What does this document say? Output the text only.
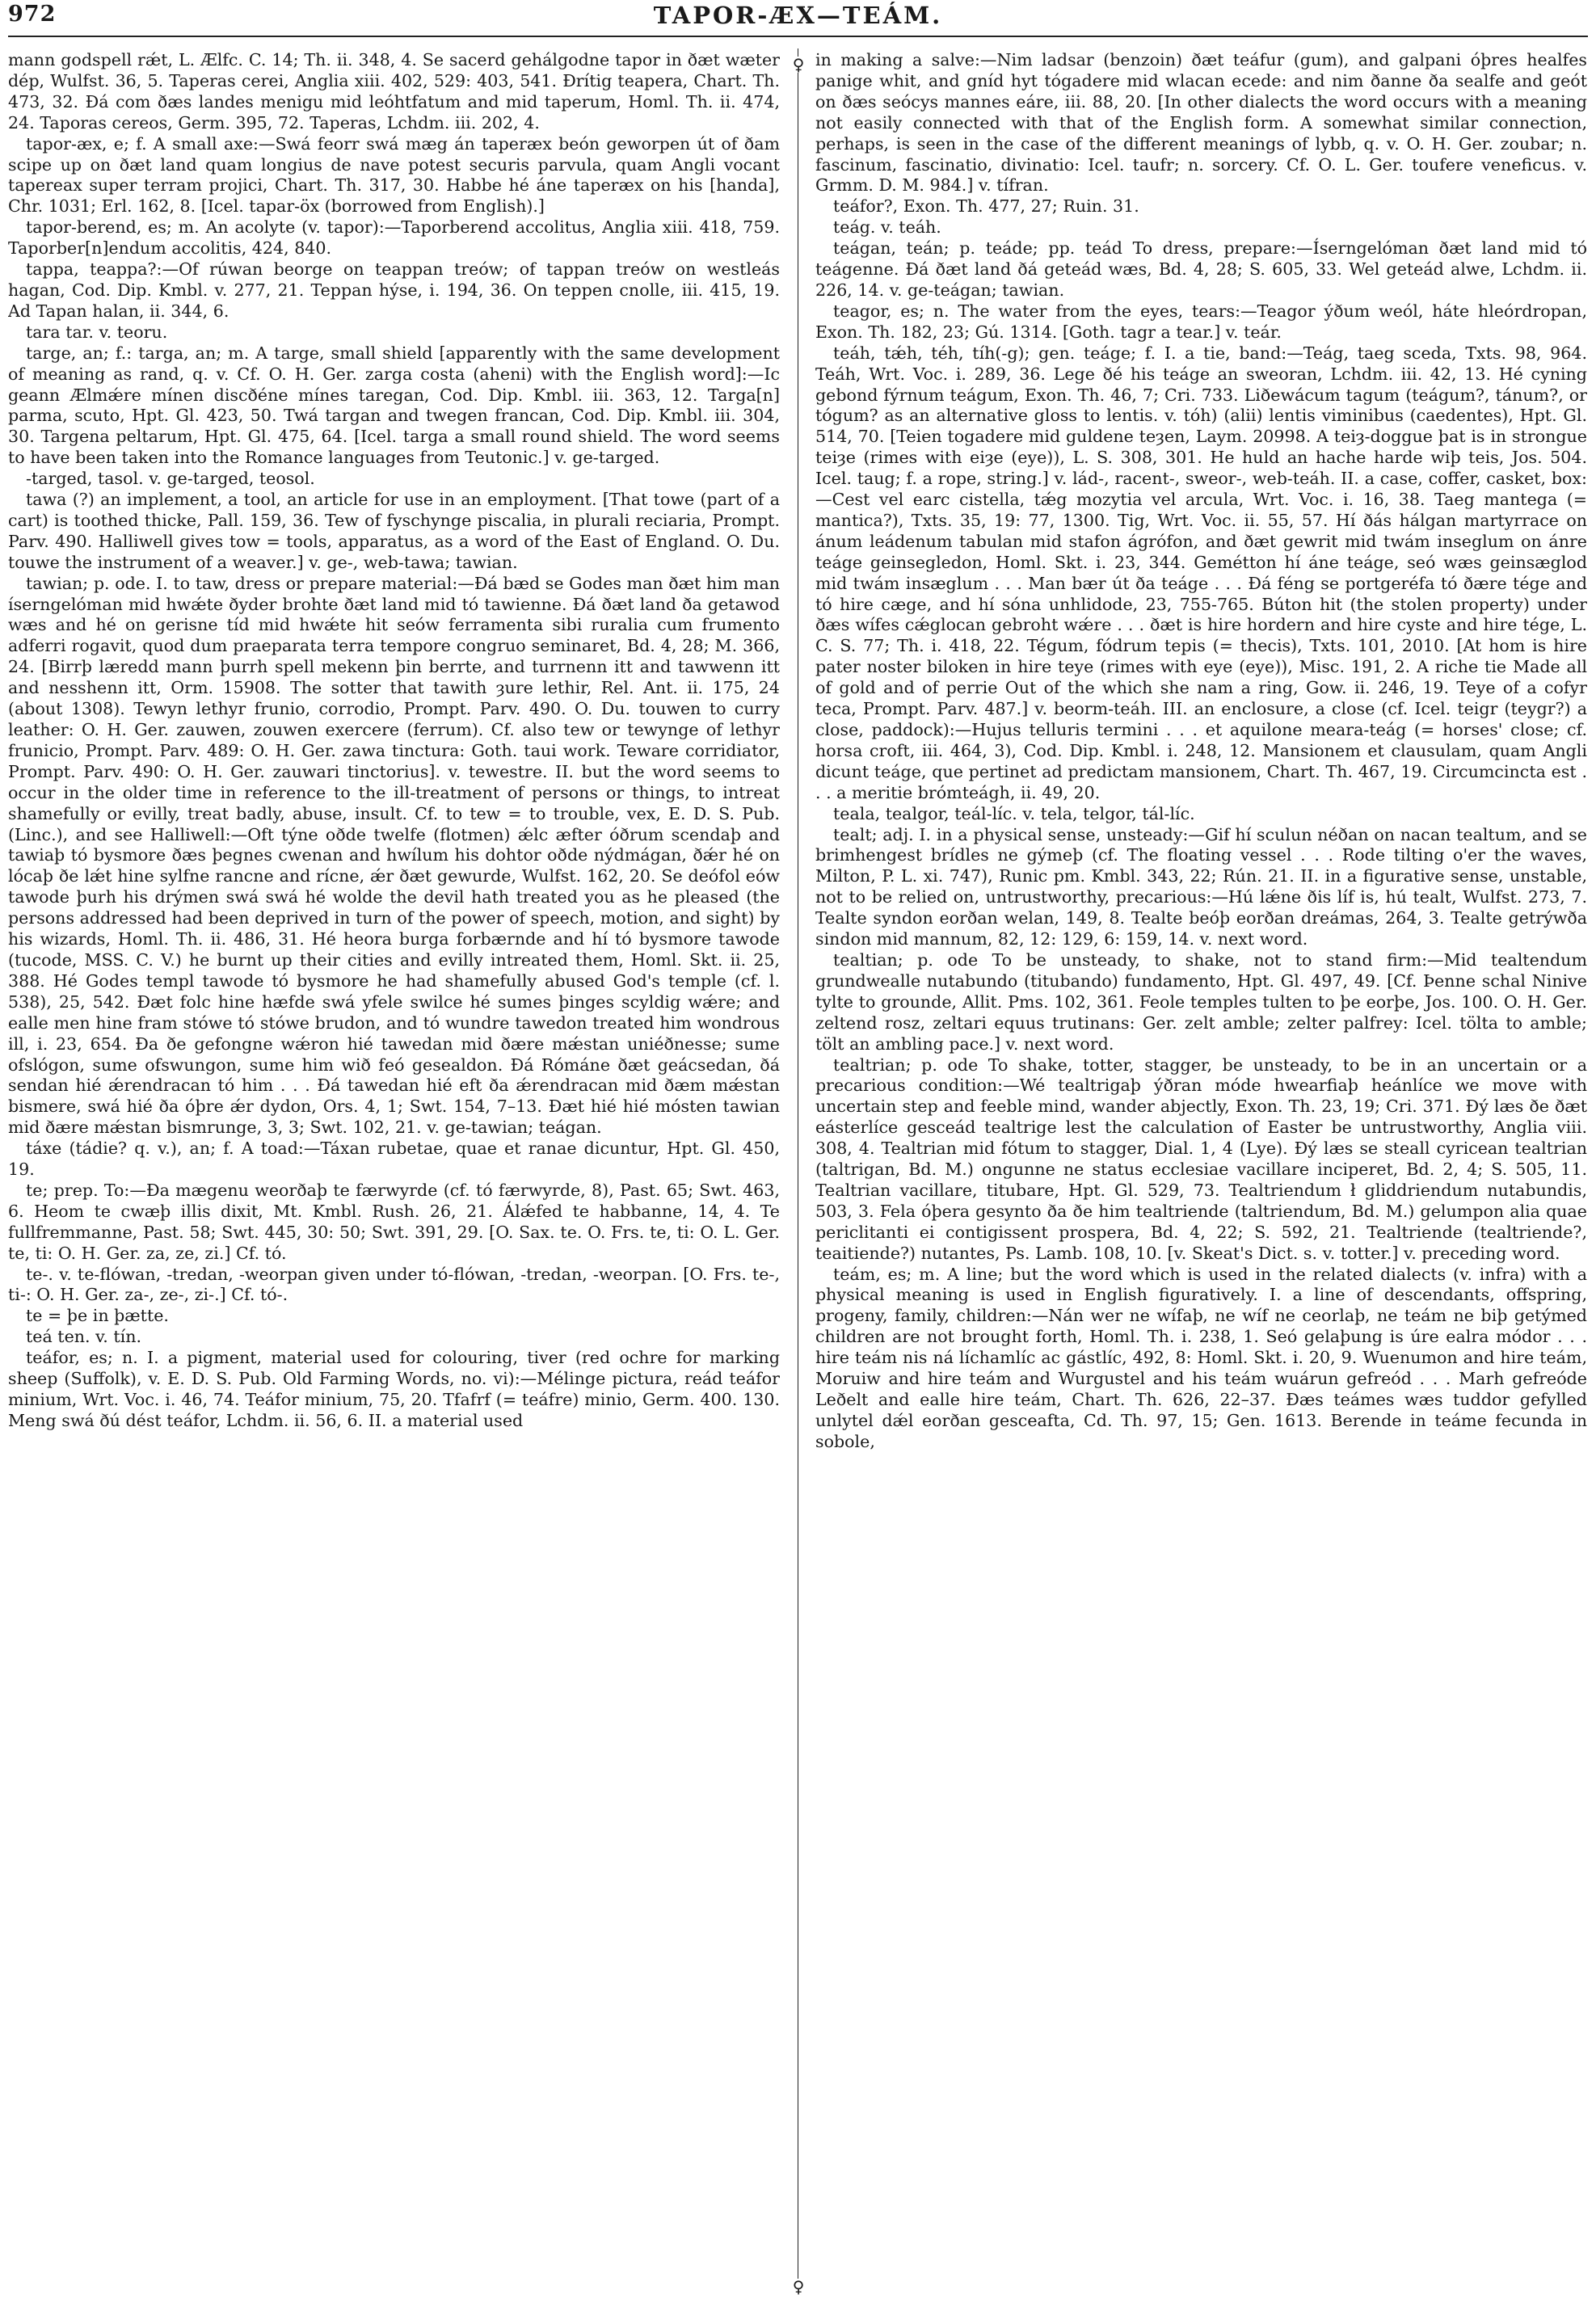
972	TAPOR-ÆX—TEÁM.
♀
♀

mann godspell rǽt, L. Ælfc. C. 14; Th. ii. 348, 4. Se sacerd gehálgodne tapor in ðæt wæter dép, Wulfst. 36, 5. Taperas cerei, Anglia xiii. 402, 529: 403, 541. Ðrítig teapera, Chart. Th. 473, 32. Ðá com ðæs landes menigu mid leóhtfatum and mid taperum, Homl. Th. ii. 474, 24. Taporas cereos, Germ. 395, 72. Taperas, Lchdm. iii. 202, 4.

tapor-æx, e; f. A small axe:—Swá feorr swá mæg án taperæx beón geworpen út of ðam scipe up on ðæt land quam longius de nave potest securis parvula, quam Angli vocant tapereax super terram projici, Chart. Th. 317, 30. Habbe hé áne taperæx on his [handa], Chr. 1031; Erl. 162, 8. [Icel. tapar-öx (borrowed from English).]

tapor-berend, es; m. An acolyte (v. tapor):—Taporberend accolitus, Anglia xiii. 418, 759. Taporber[n]endum accolitis, 424, 840.

tappa, teappa?:—Of rúwan beorge on teappan treów; of tappan treów on westleás hagan, Cod. Dip. Kmbl. v. 277, 21. Teppan hýse, i. 194, 36. On teppen cnolle, iii. 415, 19. Ad Tapan halan, ii. 344, 6.

tara tar. v. teoru.

targe, an; f.: targa, an; m. A targe, small shield [apparently with the same development of meaning as rand, q. v. Cf. O. H. Ger. zarga costa (aheni) with the English word]:—Ic geann Ælmǽre mínen discðéne mínes taregan, Cod. Dip. Kmbl. iii. 363, 12. Targa[n] parma, scuto, Hpt. Gl. 423, 50. Twá targan and twegen francan, Cod. Dip. Kmbl. iii. 304, 30. Targena peltarum, Hpt. Gl. 475, 64. [Icel. targa a small round shield. The word seems to have been taken into the Romance languages from Teutonic.] v. ge-targed.

-targed, tasol. v. ge-targed, teosol.

tawa (?) an implement, a tool, an article for use in an employment. [That towe (part of a cart) is toothed thicke, Pall. 159, 36. Tew of fyschynge piscalia, in plurali reciaria, Prompt. Parv. 490. Halliwell gives tow = tools, apparatus, as a word of the East of England. O. Du. touwe the instrument of a weaver.] v. ge-, web-tawa; tawian.

tawian; p. ode. I. to taw, dress or prepare material:—Ðá bæd se Godes man ðæt him man íserngelóman mid hwǽte ðyder brohte ðæt land mid tó tawienne. Ðá ðæt land ða getawod wæs and hé on gerisne tíd mid hwǽte hit seów ferramenta sibi ruralia cum frumento adferri rogavit, quod dum praeparata terra tempore congruo seminaret, Bd. 4, 28; M. 366, 24. [Birrþ læredd mann þurrh spell mekenn þin berrte, and turrnenn itt and tawwenn itt and nesshenn itt, Orm. 15908. The sotter that tawith ȝure lethir, Rel. Ant. ii. 175, 24 (about 1308). Tewyn lethyr frunio, corrodio, Prompt. Parv. 490. O. Du. touwen to curry leather: O. H. Ger. zauwen, zouwen exercere (ferrum). Cf. also tew or tewynge of lethyr frunicio, Prompt. Parv. 489: O. H. Ger. zawa tinctura: Goth. taui work. Teware corridiator, Prompt. Parv. 490: O. H. Ger. zauwari tinctorius]. v. tewestre. II. but the word seems to occur in the older time in reference to the ill-treatment of persons or things, to intreat shamefully or evilly, treat badly, abuse, insult. Cf. to tew = to trouble, vex, E. D. S. Pub. (Linc.), and see Halliwell:—Oft týne oðde twelfe (flotmen) ǽlc æfter óðrum scendaþ and tawiaþ tó bysmore ðæs þegnes cwenan and hwílum his dohtor oðde nýdmágan, ðǽr hé on lócaþ ðe lǽt hine sylfne rancne and rícne, ǽr ðæt gewurde, Wulfst. 162, 20. Se deófol eów tawode þurh his drýmen swá swá hé wolde the devil hath treated you as he pleased (the persons addressed had been deprived in turn of the power of speech, motion, and sight) by his wizards, Homl. Th. ii. 486, 31. Hé heora burga forbærnde and hí tó bysmore tawode (tucode, MSS. C. V.) he burnt up their cities and evilly intreated them, Homl. Skt. ii. 25, 388. Hé Godes templ tawode tó bysmore he had shamefully abused God's temple (cf. l. 538), 25, 542. Ðæt folc hine hæfde swá yfele swilce hé sumes þinges scyldig wǽre; and ealle men hine fram stówe tó stówe brudon, and tó wundre tawedon treated him wondrous ill, i. 23, 654. Ða ðe gefongne wǽron hié tawedan mid ðære mǽstan uniéðnesse; sume ofslógon, sume ofswungon, sume him wið feó gesealdon. Ðá Rómáne ðæt geácsedan, ðá sendan hié ǽrendracan tó him . . . Ðá tawedan hié eft ða ǽrendracan mid ðæm mǽstan bismere, swá hié ða óþre ǽr dydon, Ors. 4, 1; Swt. 154, 7–13. Ðæt hié hié mósten tawian mid ðære mǽstan bismrunge, 3, 3; Swt. 102, 21. v. ge-tawian; teágan.

táxe (tádie? q. v.), an; f. A toad:—Táxan rubetae, quae et ranae dicuntur, Hpt. Gl. 450, 19.

te; prep. To:—Ða mægenu weorðaþ te færwyrde (cf. tó færwyrde, 8), Past. 65; Swt. 463, 6. Heom te cwæþ illis dixit, Mt. Kmbl. Rush. 26, 21. Álǽfed te habbanne, 14, 4. Te fullfremmanne, Past. 58; Swt. 445, 30: 50; Swt. 391, 29. [O. Sax. te. O. Frs. te, ti: O. L. Ger. te, ti: O. H. Ger. za, ze, zi.] Cf. tó.

te-. v. te-flówan, -tredan, -weorpan given under tó-flówan, -tredan, -weorpan. [O. Frs. te-, ti-: O. H. Ger. za-, ze-, zi-.] Cf. tó-.

te = þe in þætte.

teá ten. v. tín.

teáfor, es; n. I. a pigment, material used for colouring, tiver (red ochre for marking sheep (Suffolk), v. E. D. S. Pub. Old Farming Words, no. vi):—Mélinge pictura, reád teáfor minium, Wrt. Voc. i. 46, 74. Teáfor minium, 75, 20. Tfafrf (= teáfre) minio, Germ. 400. 130. Meng swá ðú dést teáfor, Lchdm. ii. 56, 6. II. a material used

in making a salve:—Nim ladsar (benzoin) ðæt teáfur (gum), and galpani óþres healfes panige whit, and gníd hyt tógadere mid wlacan ecede: and nim ðanne ða sealfe and geót on ðæs seócys mannes eáre, iii. 88, 20. [In other dialects the word occurs with a meaning not easily connected with that of the English form. A somewhat similar connection, perhaps, is seen in the case of the different meanings of lybb, q. v. O. H. Ger. zoubar; n. fascinum, fascinatio, divinatio: Icel. taufr; n. sorcery. Cf. O. L. Ger. toufere veneficus. v. Grmm. D. M. 984.] v. tífran.

teáfor?, Exon. Th. 477, 27; Ruin. 31.

teág. v. teáh.

teágan, teán; p. teáde; pp. teád To dress, prepare:—Íserngelóman ðæt land mid tó teágenne. Ðá ðæt land ðá geteád wæs, Bd. 4, 28; S. 605, 33. Wel geteád alwe, Lchdm. ii. 226, 14. v. ge-teágan; tawian.

teagor, es; n. The water from the eyes, tears:—Teagor ýðum weól, háte hleórdropan, Exon. Th. 182, 23; Gú. 1314. [Goth. tagr a tear.] v. teár.

teáh, tǽh, téh, tíh(-g); gen. teáge; f. I. a tie, band:—Teág, taeg sceda, Txts. 98, 964. Teáh, Wrt. Voc. i. 289, 36. Lege ðé his teáge an sweoran, Lchdm. iii. 42, 13. Hé cyning gebond fýrnum teágum, Exon. Th. 46, 7; Cri. 733. Liðewácum tagum (teágum?, tánum?, or tógum? as an alternative gloss to lentis. v. tóh) (alii) lentis viminibus (caedentes), Hpt. Gl. 514, 70. [Teien togadere mid guldene teȝen, Laym. 20998. A teiȝ-doggue þat is in strongue teiȝe (rimes with eiȝe (eye)), L. S. 308, 301. He huld an hache harde wiþ teis, Jos. 504. Icel. taug; f. a rope, string.] v. lád-, racent-, sweor-, web-teáh. II. a case, coffer, casket, box:—Cest vel earc cistella, tǽg mozytia vel arcula, Wrt. Voc. i. 16, 38. Taeg mantega (= mantica?), Txts. 35, 19: 77, 1300. Tig, Wrt. Voc. ii. 55, 57. Hí ðás hálgan martyrrace on ánum leádenum tabulan mid stafon ágrófon, and ðæt gewrit mid twám inseglum on ánre teáge geinsegledon, Homl. Skt. i. 23, 344. Gemétton hí áne teáge, seó wæs geinsæglod mid twám insæglum . . . Man bær út ða teáge . . . Ðá féng se portgeréfa tó ðære tége and tó hire cæge, and hí sóna unhlidode, 23, 755-765. Búton hit (the stolen property) under ðæs wífes cǽglocan gebroht wǽre . . . ðæt is hire hordern and hire cyste and hire tége, L. C. S. 77; Th. i. 418, 22. Tégum, fódrum tepis (= thecis), Txts. 101, 2010. [At hom is hire pater noster biloken in hire teye (rimes with eye (eye)), Misc. 191, 2. A riche tie Made all of gold and of perrie Out of the which she nam a ring, Gow. ii. 246, 19. Teye of a cofyr teca, Prompt. Parv. 487.] v. beorm-teáh. III. an enclosure, a close (cf. Icel. teigr (teygr?) a close, paddock):—Hujus telluris termini . . . et aquilone meara-teág (= horses' close; cf. horsa croft, iii. 464, 3), Cod. Dip. Kmbl. i. 248, 12. Mansionem et clausulam, quam Angli dicunt teáge, que pertinet ad predictam mansionem, Chart. Th. 467, 19. Circumcincta est . . . a meritie brómteágh, ii. 49, 20.

teala, tealgor, teál-líc. v. tela, telgor, tál-líc.

tealt; adj. I. in a physical sense, unsteady:—Gif hí sculun néðan on nacan tealtum, and se brimhengest brídles ne gýmeþ (cf. The floating vessel . . . Rode tilting o'er the waves, Milton, P. L. xi. 747), Runic pm. Kmbl. 343, 22; Rún. 21. II. in a figurative sense, unstable, not to be relied on, untrustworthy, precarious:—Hú lǽne ðis líf is, hú tealt, Wulfst. 273, 7. Tealte syndon eorðan welan, 149, 8. Tealte beóþ eorðan dreámas, 264, 3. Tealte getrýwða sindon mid mannum, 82, 12: 129, 6: 159, 14. v. next word.

tealtian; p. ode To be unsteady, to shake, not to stand firm:—Mid tealtendum grundwealle nutabundo (titubando) fundamento, Hpt. Gl. 497, 49. [Cf. Þenne schal Ninive tylte to grounde, Allit. Pms. 102, 361. Feole temples tulten to þe eorþe, Jos. 100. O. H. Ger. zeltend rosz, zeltari equus trutinans: Ger. zelt amble; zelter palfrey: Icel. tölta to amble; tölt an ambling pace.] v. next word.

tealtrian; p. ode To shake, totter, stagger, be unsteady, to be in an uncertain or a precarious condition:—Wé tealtrigaþ ýðran móde hwearfiaþ heánlíce we move with uncertain step and feeble mind, wander abjectly, Exon. Th. 23, 19; Cri. 371. Ðý læs ðe ðæt eásterlíce gesceád tealtrige lest the calculation of Easter be untrustworthy, Anglia viii. 308, 4. Tealtrian mid fótum to stagger, Dial. 1, 4 (Lye). Ðý læs se steall cyricean tealtrian (taltrigan, Bd. M.) ongunne ne status ecclesiae vacillare inciperet, Bd. 2, 4; S. 505, 11. Tealtrian vacillare, titubare, Hpt. Gl. 529, 73. Tealtriendum ł gliddriendum nutabundis, 503, 3. Fela óþera gesynto ða ðe him tealtriende (taltriendum, Bd. M.) gelumpon alia quae periclitanti ei contigissent prospera, Bd. 4, 22; S. 592, 21. Tealtriende (tealtriende?, teaitiende?) nutantes, Ps. Lamb. 108, 10. [v. Skeat's Dict. s. v. totter.] v. preceding word.

teám, es; m. A line; but the word which is used in the related dialects (v. infra) with a physical meaning is used in English figuratively. I. a line of descendants, offspring, progeny, family, children:—Nán wer ne wífaþ, ne wíf ne ceorlaþ, ne teám ne biþ getýmed children are not brought forth, Homl. Th. i. 238, 1. Seó gelaþung is úre ealra módor . . . hire teám nis ná líchamlíc ac gástlíc, 492, 8: Homl. Skt. i. 20, 9. Wuenumon and hire teám, Moruiw and hire teám and Wurgustel and his teám wuárun gefreód . . . Marh gefreóde Leðelt and ealle hire teám, Chart. Th. 626, 22–37. Ðæs teámes wæs tuddor gefylled unlytel dǽl eorðan gesceafta, Cd. Th. 97, 15; Gen. 1613. Berende in teáme fecunda in sobole,
